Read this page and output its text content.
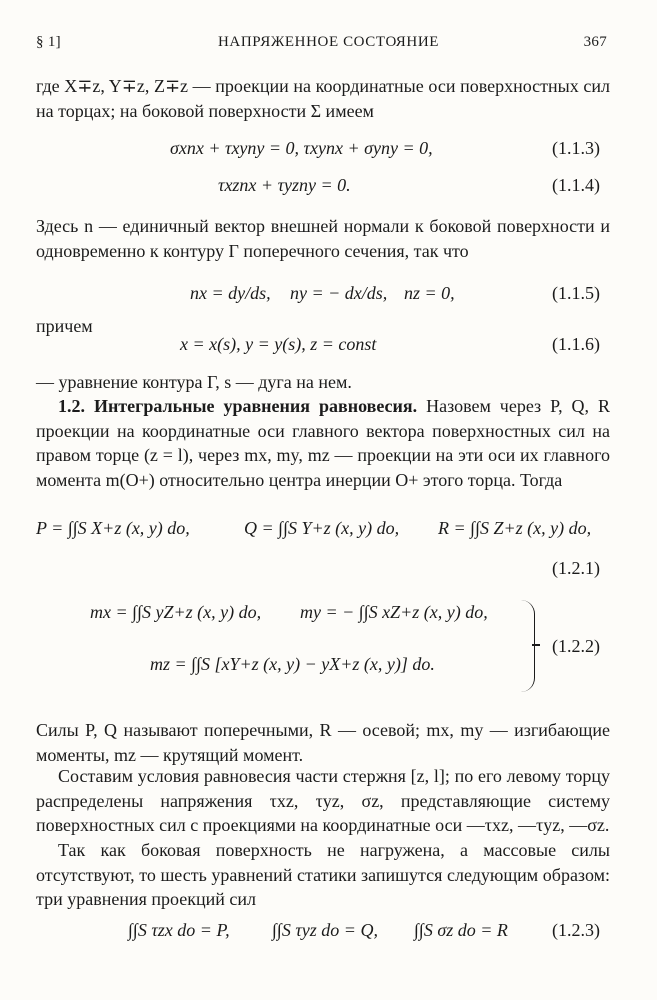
§ 1]	НАПРЯЖЕННОЕ СОСТОЯНИЕ	367
где X∓z, Y∓z, Z∓z — проекции на координатные оси поверхностных сил на торцах; на боковой поверхности Σ имеем
σxnx + τxyny = 0, τxynx + σyny = 0,	(1.1.3)
τxznx + τyzny = 0.	(1.1.4)
Здесь n — единичный вектор внешней нормали к боковой поверхности и одновременно к контуру Γ поперечного сечения, так что
nx = dy/ds, ny = − dx/ds, nz = 0,	(1.1.5)
причем
x = x(s), y = y(s), z = const	(1.1.6)
— уравнение контура Γ, s — дуга на нем.
1.2. Интегральные уравнения равновесия. Назовем через P, Q, R проекции на координатные оси главного вектора поверхностных сил на правом торце (z = l), через mx, my, mz — проекции на эти оси их главного момента m(O+) относительно центра инерции O+ этого торца. Тогда
P = ∫∫S X+z (x, y) do,	Q = ∫∫S Y+z (x, y) do, R = ∫∫S Z+z (x, y) do,
(1.2.1)
mx = ∫∫S yZ+z (x, y) do, my = − ∫∫S xZ+z (x, y) do,
mz = ∫∫S [xY+z (x, y) − yX+z (x, y)] do.
(1.2.2)
Силы P, Q называют поперечными, R — осевой; mx, my — изгибающие моменты, mz — крутящий момент.
Составим условия равновесия части стержня [z, l]; по его левому торцу распределены напряжения τxz, τyz, σz, представляющие систему поверхностных сил с проекциями на координатные оси —τxz, —τyz, —σz.
Так как боковая поверхность не нагружена, а массовые силы отсутствуют, то шесть уравнений статики запишутся следующим образом: три уравнения проекций сил
∫∫S τzx do = P, ∫∫S τyz do = Q, ∫∫S σz do = R (1.2.3)
